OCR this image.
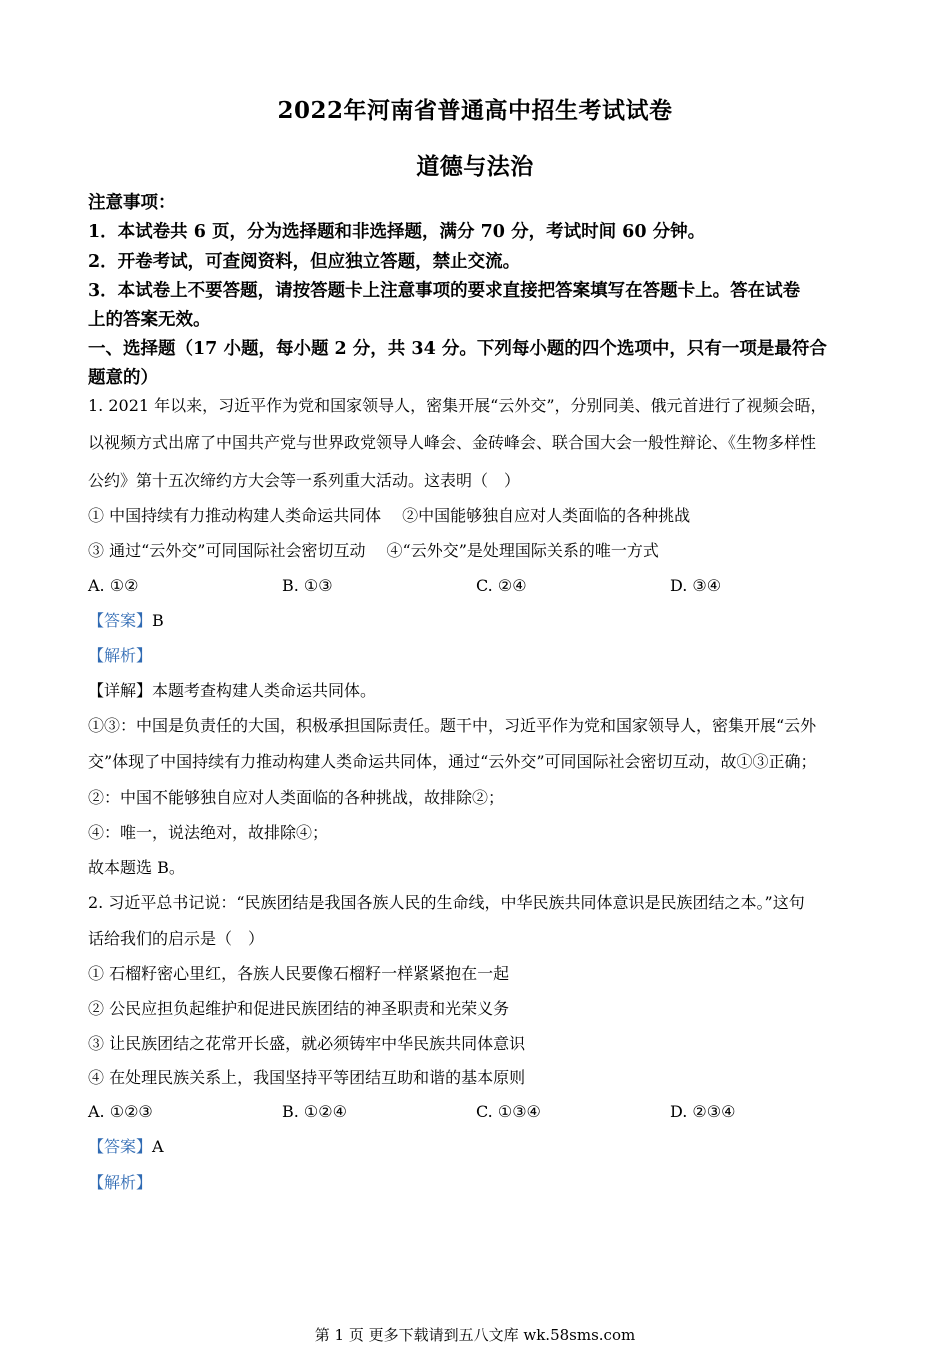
2022年河南省普通高中招生考试试卷
道德与法治
注意事项：
1．本试卷共 6 页，分为选择题和非选择题，满分 70 分，考试时间 60 分钟。
2．开卷考试，可查阅资料，但应独立答题，禁止交流。
3．本试卷上不要答题，请按答题卡上注意事项的要求直接把答案填写在答题卡上。答在试卷
上的答案无效。
一、选择题（17 小题，每小题 2 分，共 34 分。下列每小题的四个选项中，只有一项是最符合
题意的）
1. 2021 年以来，习近平作为党和国家领导人，密集开展“云外交”，分别同美、俄元首进行了视频会晤，
以视频方式出席了中国共产党与世界政党领导人峰会、金砖峰会、联合国大会一般性辩论、《生物多样性
公约》第十五次缔约方大会等一系列重大活动。这表明（　）
① 中国持续有力推动构建人类命运共同体　 ②中国能够独自应对人类面临的各种挑战
③ 通过“云外交”可同国际社会密切互动　 ④“云外交”是处理国际关系的唯一方式
A. ①②	B. ①③	C. ②④	D. ③④
【答案】B
【解析】
【详解】本题考查构建人类命运共同体。
①③：中国是负责任的大国，积极承担国际责任。题干中，习近平作为党和国家领导人，密集开展“云外
交”体现了中国持续有力推动构建人类命运共同体，通过“云外交”可同国际社会密切互动，故①③正确；
②：中国不能够独自应对人类面临的各种挑战，故排除②；
④：唯一，说法绝对，故排除④；
故本题选 B。
2. 习近平总书记说：“民族团结是我国各族人民的生命线，中华民族共同体意识是民族团结之本。”这句
话给我们的启示是（　）
① 石榴籽密心里红，各族人民要像石榴籽一样紧紧抱在一起
② 公民应担负起维护和促进民族团结的神圣职责和光荣义务
③ 让民族团结之花常开长盛，就必须铸牢中华民族共同体意识
④ 在处理民族关系上，我国坚持平等团结互助和谐的基本原则
A. ①②③	B. ①②④	C. ①③④	D. ②③④
【答案】A
【解析】
第 1 页 更多下载请到五八文库 wk.58sms.com
